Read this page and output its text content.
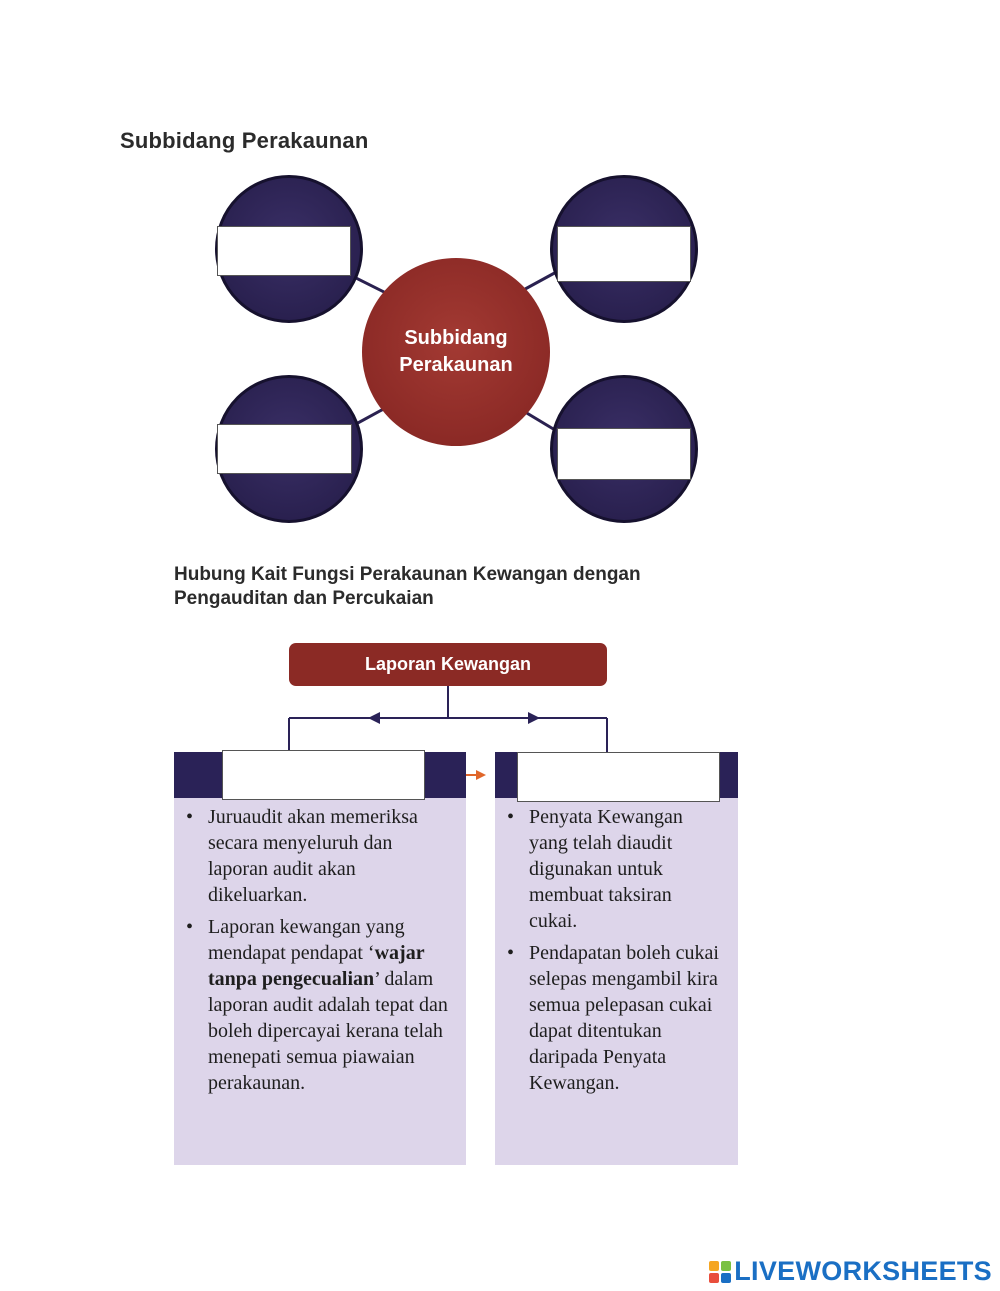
Subbidang Perakaunan
Subbidang
Perakaunan
Hubung Kait Fungsi Perakaunan Kewangan dengan
Pengauditan dan Percukaian
Laporan Kewangan
• Juruaudit akan memeriksa secara menyeluruh dan laporan audit akan dikeluarkan.
• Laporan kewangan yang mendapat pendapat ‘wajar tanpa pengecualian’ dalam laporan audit adalah tepat dan boleh dipercayai kerana telah menepati semua piawaian perakaunan.
• Penyata Kewangan yang telah diaudit digunakan untuk membuat taksiran cukai.
• Pendapatan boleh cukai selepas mengambil kira semua pelepasan cukai dapat ditentukan daripada Penyata Kewangan.
LIVEWORKSHEETS
